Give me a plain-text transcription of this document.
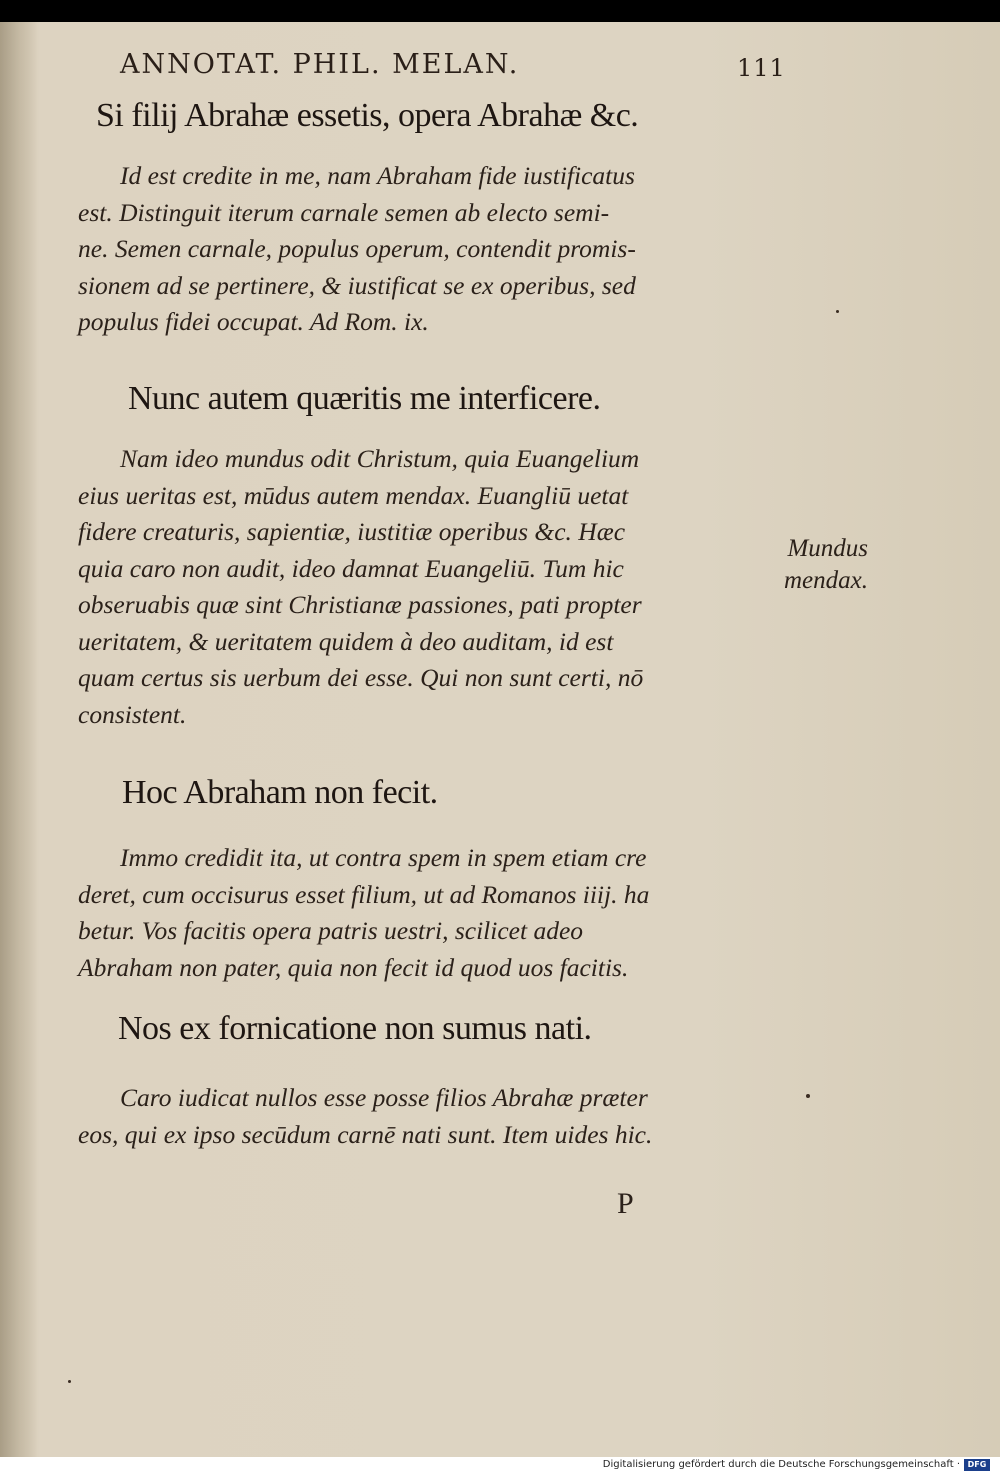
ANNOTAT. PHIL. MELAN.	111
Si filij Abrahæ essetis, opera Abrahæ &c.
Id est credite in me, nam Abraham fide iustificatus
est. Distinguit iterum carnale semen ab electo semi-
ne. Semen carnale, populus operum, contendit promis-
sionem ad se pertinere, & iustificat se ex operibus, sed
populus fidei occupat. Ad Rom. ix.
Nunc autem quæritis me interficere.
Nam ideo mundus odit Christum, quia Euangelium
eius ueritas est, mūdus autem mendax. Euangliū uetat
fidere creaturis, sapientiæ, iustitiæ operibus &c. Hæc
quia caro non audit, ideo damnat Euangeliū. Tum hic
obseruabis quæ sint Christianæ passiones, pati propter
ueritatem, & ueritatem quidem à deo auditam, id est
quam certus sis uerbum dei esse. Qui non sunt certi, nō
consistent.
Mundus
mendax.
Hoc Abraham non fecit.
Immo credidit ita, ut contra spem in spem etiam cre
deret, cum occisurus esset filium, ut ad Romanos iiij. ha
betur. Vos facitis opera patris uestri, scilicet adeo
Abraham non pater, quia non fecit id quod uos facitis.
Nos ex fornicatione non sumus nati.
Caro iudicat nullos esse posse filios Abrahæ præter
eos, qui ex ipso secūdum carnē nati sunt. Item uides hic.
P
Digitalisierung gefördert durch die Deutsche Forschungsgemeinschaft · DFG
